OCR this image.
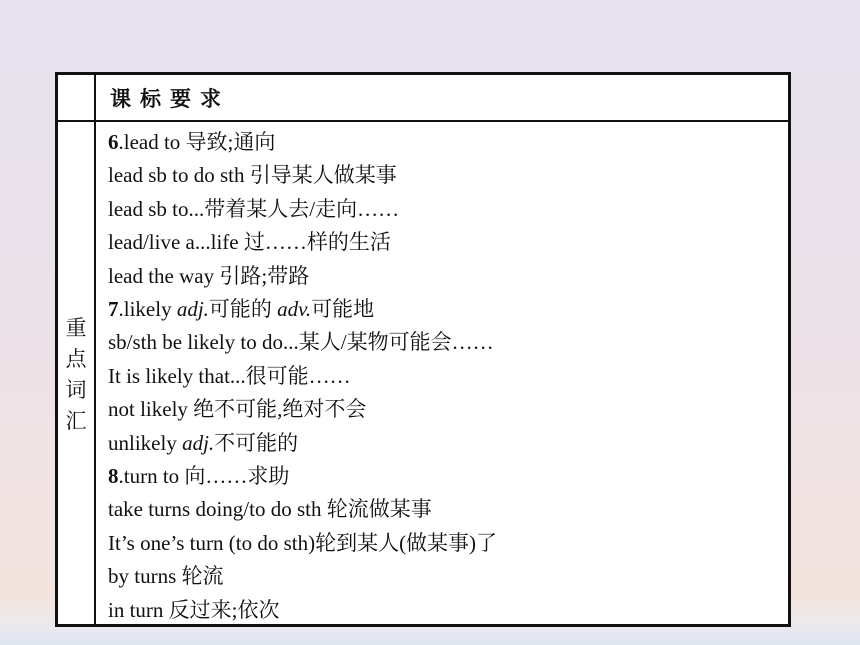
课标要求
重点词汇
6.lead to 导致;通向
lead sb to do sth 引导某人做某事
lead sb to...带着某人去/走向……
lead/live a...life 过……样的生活
lead the way 引路;带路
7.likely adj.可能的 adv.可能地
sb/sth be likely to do...某人/某物可能会……
It is likely that...很可能……
not likely 绝不可能,绝对不会
unlikely adj.不可能的
8.turn to 向……求助
take turns doing/to do sth 轮流做某事
It’s one’s turn (to do sth)轮到某人(做某事)了
by turns 轮流
in turn 反过来;依次
